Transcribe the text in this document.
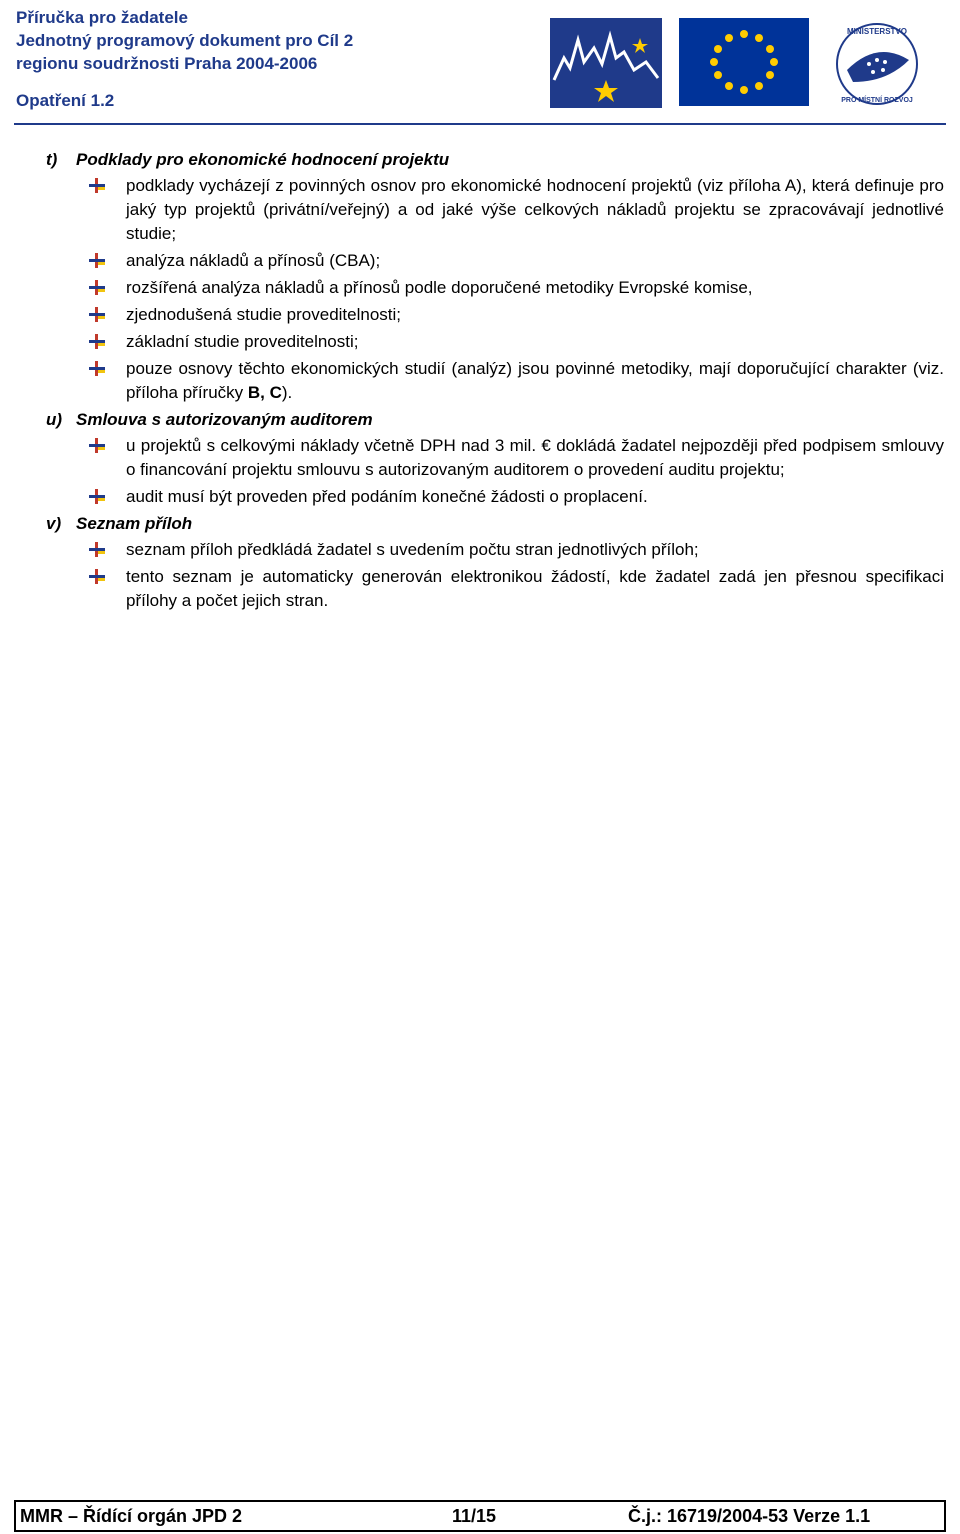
Příručka pro žadatele
Jednotný programový dokument pro Cíl 2
regionu soudržnosti Praha 2004-2006
Opatření 1.2
MINISTERSTVO
PRO MÍSTNÍ ROZVOJ
t)	Podklady pro ekonomické hodnocení projektu
podklady vycházejí z povinných osnov pro ekonomické hodnocení projektů (viz příloha A), která definuje pro jaký typ projektů (privátní/veřejný) a od jaké výše celkových nákladů projektu se zpracovávají jednotlivé studie;
analýza nákladů a přínosů (CBA);
rozšířená analýza nákladů a přínosů podle doporučené metodiky Evropské komise,
zjednodušená studie proveditelnosti;
základní studie proveditelnosti;
pouze osnovy těchto ekonomických studií (analýz) jsou povinné metodiky, mají doporučující charakter (viz. příloha příručky B, C).
u) Smlouva s autorizovaným auditorem
u projektů s celkovými náklady včetně DPH nad 3 mil. € dokládá žadatel nejpozději před podpisem smlouvy o financování projektu smlouvu s autorizovaným auditorem o provedení auditu projektu;
audit musí být proveden před podáním konečné žádosti o proplacení.
v) Seznam příloh
seznam příloh předkládá žadatel s uvedením počtu stran jednotlivých příloh;
tento seznam je automaticky generován elektronikou žádostí, kde žadatel zadá jen přesnou specifikaci přílohy a počet jejich stran.
MMR – Řídící orgán JPD 2	11/15	Č.j.: 16719/2004-53 Verze 1.1
